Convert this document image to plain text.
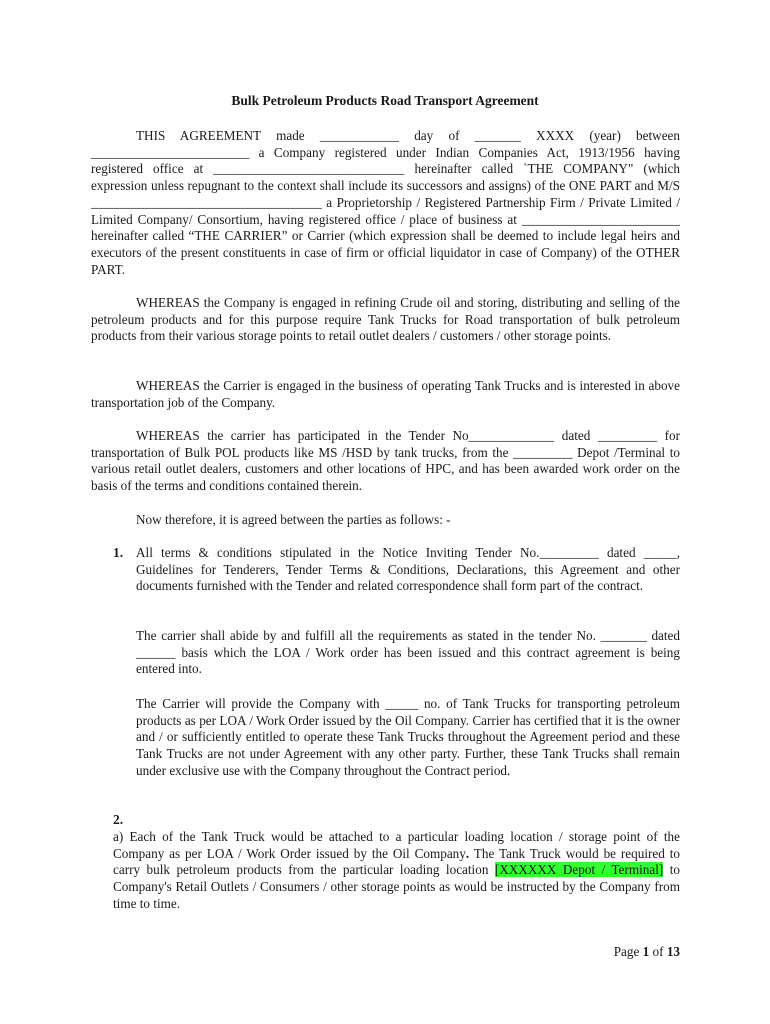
Bulk Petroleum Products Road Transport Agreement

THIS AGREEMENT made ____________ day of _______ XXXX (year) between ________________________ a Company registered under Indian Companies Act, 1913/1956 having registered office at _____________________________ hereinafter called `THE COMPANY" (which expression unless repugnant to the context shall include its successors and assigns) of the ONE PART and M/S ___________________________________ a Proprietorship / Registered Partnership Firm / Private Limited / Limited Company/ Consortium, having registered office / place of business at ________________________ hereinafter called “THE CARRIER” or Carrier (which expression shall be deemed to include legal heirs and executors of the present constituents in case of firm or official liquidator in case of Company) of the OTHER PART.

WHEREAS the Company is engaged in refining Crude oil and storing, distributing and selling of the petroleum products and for this purpose require Tank Trucks for Road transportation of bulk petroleum products from their various storage points to retail outlet dealers / customers / other storage points.

WHEREAS the Carrier is engaged in the business of operating Tank Trucks and is interested in above transportation job of the Company.

WHEREAS the carrier has participated in the Tender No_____________ dated _________ for transportation of Bulk POL products like MS /HSD by tank trucks, from the _________ Depot /Terminal to various retail outlet dealers, customers and other locations of HPC, and has been awarded work order on the basis of the terms and conditions contained therein.

Now therefore, it is agreed between the parties as follows: -

1. All terms & conditions stipulated in the Notice Inviting Tender No._________ dated _____, Guidelines for Tenderers, Tender Terms & Conditions, Declarations, this Agreement and other documents furnished with the Tender and related correspondence shall form part of the contract.

The carrier shall abide by and fulfill all the requirements as stated in the tender No. _______ dated ______ basis which the LOA / Work order has been issued and this contract agreement is being entered into.

The Carrier will provide the Company with _____ no. of Tank Trucks for transporting petroleum products as per LOA / Work Order issued by the Oil Company. Carrier has certified that it is the owner and / or sufficiently entitled to operate these Tank Trucks throughout the Agreement period and these Tank Trucks are not under Agreement with any other party. Further, these Tank Trucks shall remain under exclusive use with the Company throughout the Contract period.

2.

a) Each of the Tank Truck would be attached to a particular loading location / storage point of the Company as per LOA / Work Order issued by the Oil Company. The Tank Truck would be required to carry bulk petroleum products from the particular loading location [XXXXXX Depot / Terminal] to Company's Retail Outlets / Consumers / other storage points as would be instructed by the Company from time to time.

Page 1 of 13
